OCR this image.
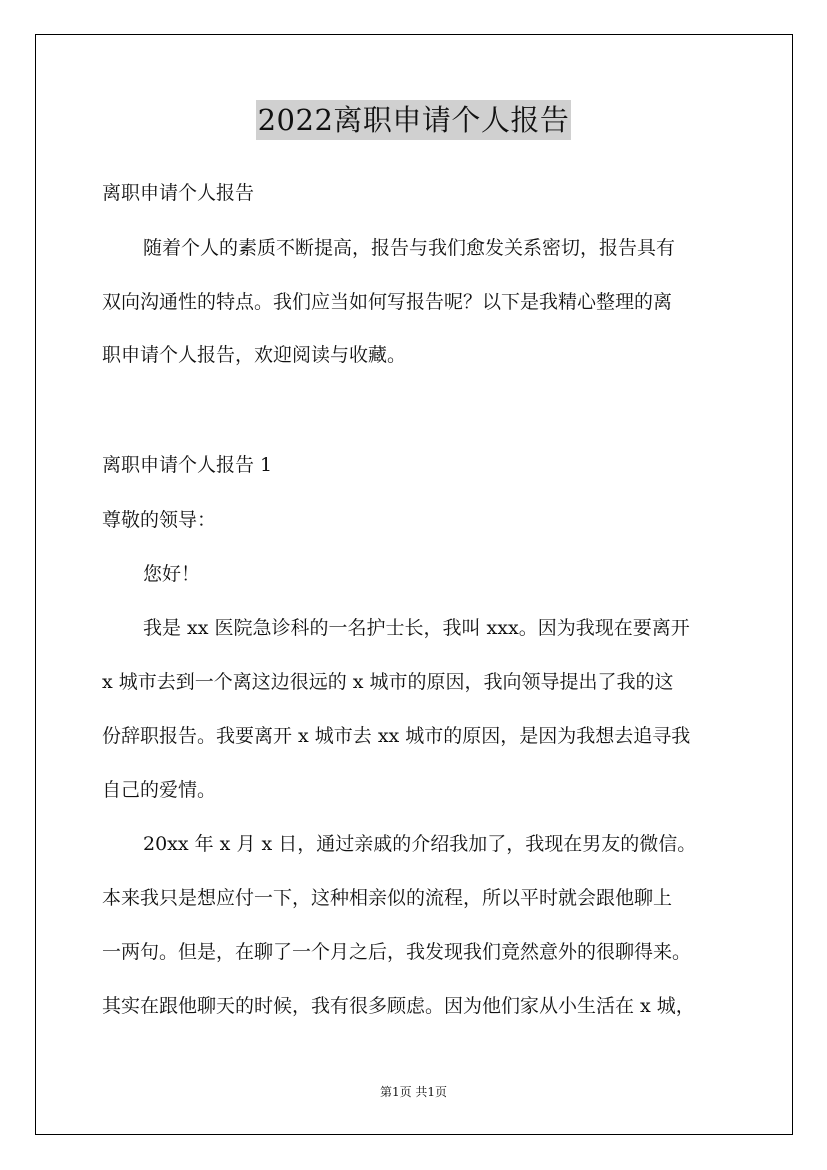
2022离职申请个人报告
离职申请个人报告
随着个人的素质不断提高，报告与我们愈发关系密切，报告具有
双向沟通性的特点。我们应当如何写报告呢？以下是我精心整理的离
职申请个人报告，欢迎阅读与收藏。
离职申请个人报告 1
尊敬的领导：
您好！
我是 xx 医院急诊科的一名护士长，我叫 xxx。因为我现在要离开
x 城市去到一个离这边很远的 x 城市的原因，我向领导提出了我的这
份辞职报告。我要离开 x 城市去 xx 城市的原因，是因为我想去追寻我
自己的爱情。
20xx 年 x 月 x 日，通过亲戚的介绍我加了，我现在男友的微信。
本来我只是想应付一下，这种相亲似的流程，所以平时就会跟他聊上
一两句。但是，在聊了一个月之后，我发现我们竟然意外的很聊得来。
其实在跟他聊天的时候，我有很多顾虑。因为他们家从小生活在 x 城，
第1页 共1页
